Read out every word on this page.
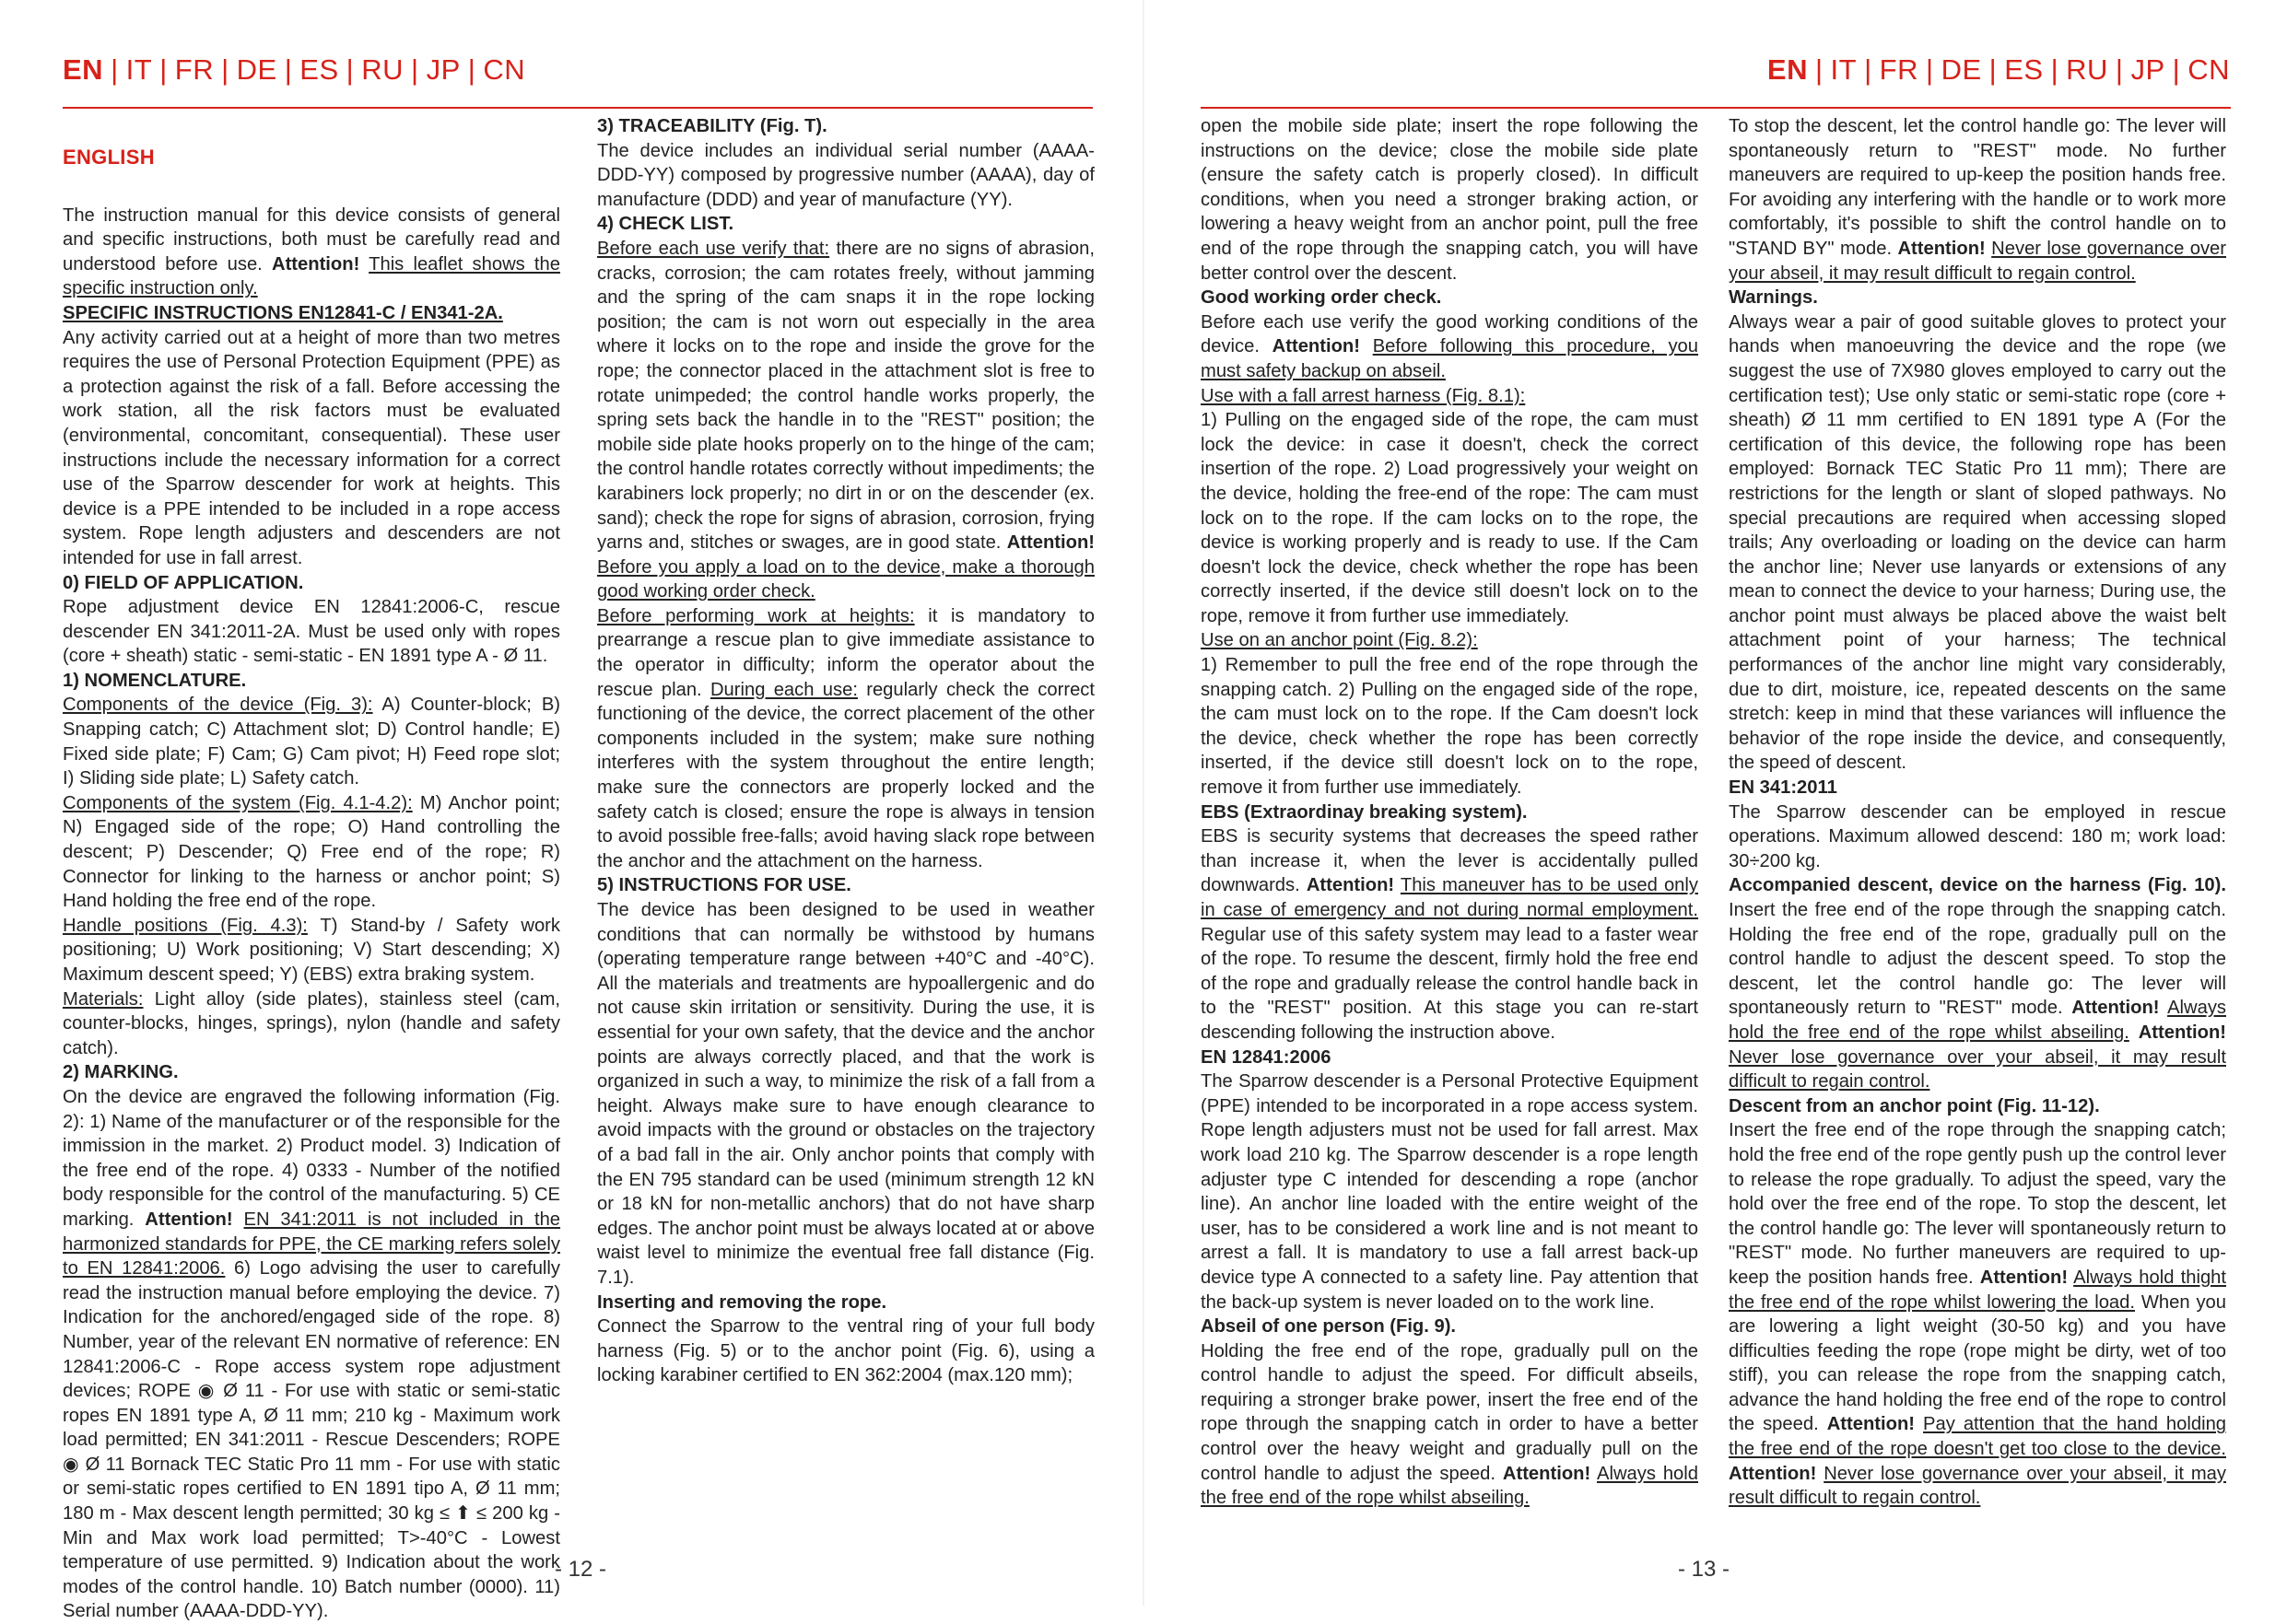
EN | IT | FR | DE | ES | RU | JP | CN

ENGLISH

The instruction manual for this device consists of general and specific instructions, both must be carefully read and understood before use. Attention! This leaflet shows the specific instruction only.

SPECIFIC INSTRUCTIONS EN12841-C / EN341-2A.

Any activity carried out at a height of more than two metres requires the use of Personal Protection Equipment (PPE) as a protection against the risk of a fall. Before accessing the work station, all the risk factors must be evaluated (environmental, concomitant, consequential). These user instructions include the necessary information for a correct use of the Sparrow descender for work at heights. This device is a PPE intended to be included in a rope access system. Rope length adjusters and descenders are not intended for use in fall arrest.

0) FIELD OF APPLICATION.

Rope adjustment device EN 12841:2006-C, rescue descender EN 341:2011-2A. Must be used only with ropes (core + sheath) static - semi-static - EN 1891 type A - Ø 11.

1) NOMENCLATURE.

Components of the device (Fig. 3): A) Counter-block; B) Snapping catch; C) Attachment slot; D) Control handle; E) Fixed side plate; F) Cam; G) Cam pivot; H) Feed rope slot; I) Sliding side plate; L) Safety catch.

Components of the system (Fig. 4.1-4.2): M) Anchor point; N) Engaged side of the rope; O) Hand controlling the descent; P) Descender; Q) Free end of the rope; R) Connector for linking to the harness or anchor point; S) Hand holding the free end of the rope.

Handle positions (Fig. 4.3): T) Stand-by / Safety work positioning; U) Work positioning; V) Start descending; X) Maximum descent speed; Y) (EBS) extra braking system.

Materials: Light alloy (side plates), stainless steel (cam, counter-blocks, hinges, springs), nylon (handle and safety catch).

2) MARKING.

On the device are engraved the following information (Fig. 2): 1) Name of the manufacturer or of the responsible for the immission in the market. 2) Product model. 3) Indication of the free end of the rope. 4) 0333 - Number of the notified body responsible for the control of the manufacturing. 5) CE marking. Attention! EN 341:2011 is not included in the harmonized standards for PPE, the CE marking refers solely to EN 12841:2006. 6) Logo advising the user to carefully read the instruction manual before employing the device. 7) Indication for the anchored/engaged side of the rope. 8) Number, year of the relevant EN normative of reference: EN 12841:2006-C - Rope access system rope adjustment devices; ROPE ◉ Ø 11 - For use with static or semi-static ropes EN 1891 type A, Ø 11 mm; 210 kg - Maximum work load permitted; EN 341:2011 - Rescue Descenders; ROPE ◉ Ø 11 Bornack TEC Static Pro 11 mm - For use with static or semi-static ropes certified to EN 1891 tipo A, Ø 11 mm; 180 m - Max descent length permitted; 30 kg ≤ ⬆ ≤ 200 kg - Min and Max work load permitted; T>-40°C - Lowest temperature of use permitted. 9) Indication about the work modes of the control handle. 10) Batch number (0000). 11) Serial number (AAAA-DDD-YY).

3) TRACEABILITY (Fig. T).

The device includes an individual serial number (AAAA-DDD-YY) composed by progressive number (AAAA), day of manufacture (DDD) and year of manufacture (YY).

4) CHECK LIST.

Before each use verify that: there are no signs of abrasion, cracks, corrosion; the cam rotates freely, without jamming and the spring of the cam snaps it in the rope locking position; the cam is not worn out especially in the area where it locks on to the rope and inside the grove for the rope; the connector placed in the attachment slot is free to rotate unimpeded; the control handle works properly, the spring sets back the handle in to the "REST" position; the mobile side plate hooks properly on to the hinge of the cam; the control handle rotates correctly without impediments; the karabiners lock properly; no dirt in or on the descender (ex. sand); check the rope for signs of abrasion, corrosion, frying yarns and, stitches or swages, are in good state. Attention! Before you apply a load on to the device, make a thorough good working order check.

Before performing work at heights: it is mandatory to prearrange a rescue plan to give immediate assistance to the operator in difficulty; inform the operator about the rescue plan. During each use: regularly check the correct functioning of the device, the correct placement of the other components included in the system; make sure nothing interferes with the system throughout the entire length; make sure the connectors are properly locked and the safety catch is closed; ensure the rope is always in tension to avoid possible free-falls; avoid having slack rope between the anchor and the attachment on the harness.

5) INSTRUCTIONS FOR USE.

The device has been designed to be used in weather conditions that can normally be withstood by humans (operating temperature range between +40°C and -40°C). All the materials and treatments are hypoallergenic and do not cause skin irritation or sensitivity. During the use, it is essential for your own safety, that the device and the anchor points are always correctly placed, and that the work is organized in such a way, to minimize the risk of a fall from a height. Always make sure to have enough clearance to avoid impacts with the ground or obstacles on the trajectory of a bad fall in the air. Only anchor points that comply with the EN 795 standard can be used (minimum strength 12 kN or 18 kN for non-metallic anchors) that do not have sharp edges. The anchor point must be always located at or above waist level to minimize the eventual free fall distance (Fig. 7.1).

Inserting and removing the rope.

Connect the Sparrow to the ventral ring of your full body harness (Fig. 5) or to the anchor point (Fig. 6), using a locking karabiner certified to EN 362:2004 (max.120 mm);

- 12 -
EN | IT | FR | DE | ES | RU | JP | CN

open the mobile side plate; insert the rope following the instructions on the device; close the mobile side plate (ensure the safety catch is properly closed). In difficult conditions, when you need a stronger braking action, or lowering a heavy weight from an anchor point, pull the free end of the rope through the snapping catch, you will have better control over the descent.

Good working order check.

Before each use verify the good working conditions of the device. Attention! Before following this procedure, you must safety backup on abseil.

Use with a fall arrest harness (Fig. 8.1):

1) Pulling on the engaged side of the rope, the cam must lock the device: in case it doesn't, check the correct insertion of the rope. 2) Load progressively your weight on the device, holding the free-end of the rope: The cam must lock on to the rope. If the cam locks on to the rope, the device is working properly and is ready to use. If the Cam doesn't lock the device, check whether the rope has been correctly inserted, if the device still doesn't lock on to the rope, remove it from further use immediately.

Use on an anchor point (Fig. 8.2):

1) Remember to pull the free end of the rope through the snapping catch. 2) Pulling on the engaged side of the rope, the cam must lock on to the rope. If the Cam doesn't lock the device, check whether the rope has been correctly inserted, if the device still doesn't lock on to the rope, remove it from further use immediately.

EBS (Extraordinay breaking system).

EBS is security systems that decreases the speed rather than increase it, when the lever is accidentally pulled downwards. Attention! This maneuver has to be used only in case of emergency and not during normal employment. Regular use of this safety system may lead to a faster wear of the rope. To resume the descent, firmly hold the free end of the rope and gradually release the control handle back in to the "REST" position. At this stage you can re-start descending following the instruction above.

EN 12841:2006

The Sparrow descender is a Personal Protective Equipment (PPE) intended to be incorporated in a rope access system. Rope length adjusters must not be used for fall arrest. Max work load 210 kg. The Sparrow descender is a rope length adjuster type C intended for descending a rope (anchor line). An anchor line loaded with the entire weight of the user, has to be considered a work line and is not meant to arrest a fall. It is mandatory to use a fall arrest back-up device type A connected to a safety line. Pay attention that the back-up system is never loaded on to the work line.

Abseil of one person (Fig. 9).

Holding the free end of the rope, gradually pull on the control handle to adjust the speed. For difficult abseils, requiring a stronger brake power, insert the free end of the rope through the snapping catch in order to have a better control over the heavy weight and gradually pull on the control handle to adjust the speed. Attention! Always hold the free end of the rope whilst abseiling.

To stop the descent, let the control handle go: The lever will spontaneously return to "REST" mode. No further maneuvers are required to up-keep the position hands free. For avoiding any interfering with the handle or to work more comfortably, it's possible to shift the control handle on to "STAND BY" mode. Attention! Never lose governance over your abseil, it may result difficult to regain control.

Warnings.

Always wear a pair of good suitable gloves to protect your hands when manoeuvring the device and the rope (we suggest the use of 7X980 gloves employed to carry out the certification test); Use only static or semi-static rope (core + sheath) Ø 11 mm certified to EN 1891 type A (For the certification of this device, the following rope has been employed: Bornack TEC Static Pro 11 mm); There are restrictions for the length or slant of sloped pathways. No special precautions are required when accessing sloped trails; Any overloading or loading on the device can harm the anchor line; Never use lanyards or extensions of any mean to connect the device to your harness; During use, the anchor point must always be placed above the waist belt attachment point of your harness; The technical performances of the anchor line might vary considerably, due to dirt, moisture, ice, repeated descents on the same stretch: keep in mind that these variances will influence the behavior of the rope inside the device, and consequently, the speed of descent.

EN 341:2011

The Sparrow descender can be employed in rescue operations. Maximum allowed descend: 180 m; work load: 30÷200 kg.

Accompanied descent, device on the harness (Fig. 10). Insert the free end of the rope through the snapping catch. Holding the free end of the rope, gradually pull on the control handle to adjust the descent speed. To stop the descent, let the control handle go: The lever will spontaneously return to "REST" mode. Attention! Always hold the free end of the rope whilst abseiling. Attention! Never lose governance over your abseil, it may result difficult to regain control.

Descent from an anchor point (Fig. 11-12).

Insert the free end of the rope through the snapping catch; hold the free end of the rope gently push up the control lever to release the rope gradually. To adjust the speed, vary the hold over the free end of the rope. To stop the descent, let the control handle go: The lever will spontaneously return to "REST" mode. No further maneuvers are required to up-keep the position hands free. Attention! Always hold thight the free end of the rope whilst lowering the load. When you are lowering a light weight (30-50 kg) and you have difficulties feeding the rope (rope might be dirty, wet of too stiff), you can release the rope from the snapping catch, advance the hand holding the free end of the rope to control the speed. Attention! Pay attention that the hand holding the free end of the rope doesn't get too close to the device. Attention! Never lose governance over your abseil, it may result difficult to regain control.

- 13 -
